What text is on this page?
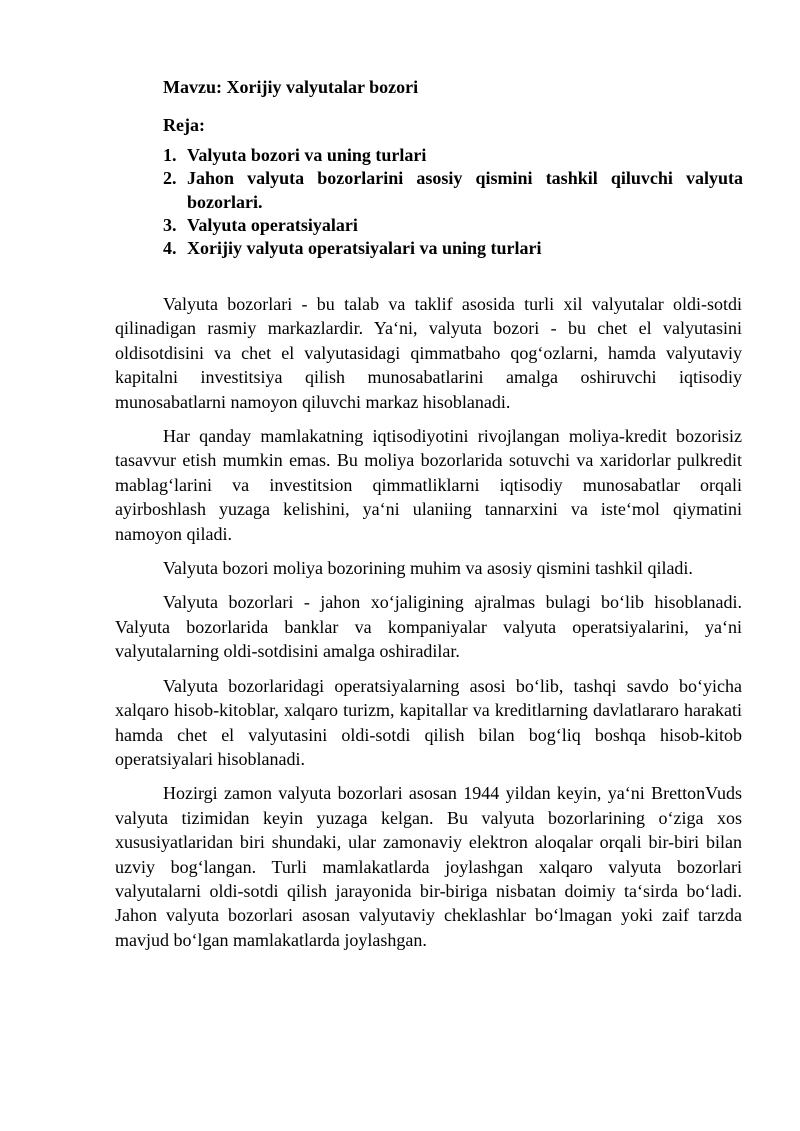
Mavzu: Xorijiy valyutalar bozori
Reja:
1. Valyuta bozori va uning turlari
2. Jahon valyuta bozorlarini asosiy qismini tashkil qiluvchi valyuta bozorlari.
3. Valyuta operatsiyalari
4. Xorijiy valyuta operatsiyalari va uning turlari

Valyuta bozorlari - bu talab va taklif asosida turli xil valyutalar oldi-sotdi qilinadigan rasmiy markazlardir. Ya‘ni, valyuta bozori - bu chet el valyutasini oldisotdisini va chet el valyutasidagi qimmatbaho qog‘ozlarni, hamda valyutaviy kapitalni investitsiya qilish munosabatlarini amalga oshiruvchi iqtisodiy munosabatlarni namoyon qiluvchi markaz hisoblanadi.

Har qanday mamlakatning iqtisodiyotini rivojlangan moliya-kredit bozorisiz tasavvur etish mumkin emas. Bu moliya bozorlarida sotuvchi va xaridorlar pulkredit mablag‘larini va investitsion qimmatliklarni iqtisodiy munosabatlar orqali ayirboshlash yuzaga kelishini, ya‘ni ulaniing tannarxini va iste‘mol qiymatini namoyon qiladi.

Valyuta bozori moliya bozorining muhim va asosiy qismini tashkil qiladi.

Valyuta bozorlari - jahon xo‘jaligining ajralmas bulagi bo‘lib hisoblanadi. Valyuta bozorlarida banklar va kompaniyalar valyuta operatsiyalarini, ya‘ni valyutalarning oldi-sotdisini amalga oshiradilar.

Valyuta bozorlaridagi operatsiyalarning asosi bo‘lib, tashqi savdo bo‘yicha xalqaro hisob-kitoblar, xalqaro turizm, kapitallar va kreditlarning davlatlararo harakati hamda chet el valyutasini oldi-sotdi qilish bilan bog‘liq boshqa hisob-kitob operatsiyalari hisoblanadi.

Hozirgi zamon valyuta bozorlari asosan 1944 yildan keyin, ya‘ni BrettonVuds valyuta tizimidan keyin yuzaga kelgan. Bu valyuta bozorlarining o‘ziga xos xususiyatlaridan biri shundaki, ular zamonaviy elektron aloqalar orqali bir-biri bilan uzviy bog‘langan. Turli mamlakatlarda joylashgan xalqaro valyuta bozorlari valyutalarni oldi-sotdi qilish jarayonida bir-biriga nisbatan doimiy ta‘sirda bo‘ladi. Jahon valyuta bozorlari asosan valyutaviy cheklashlar bo‘lmagan yoki zaif tarzda mavjud bo‘lgan mamlakatlarda joylashgan.
